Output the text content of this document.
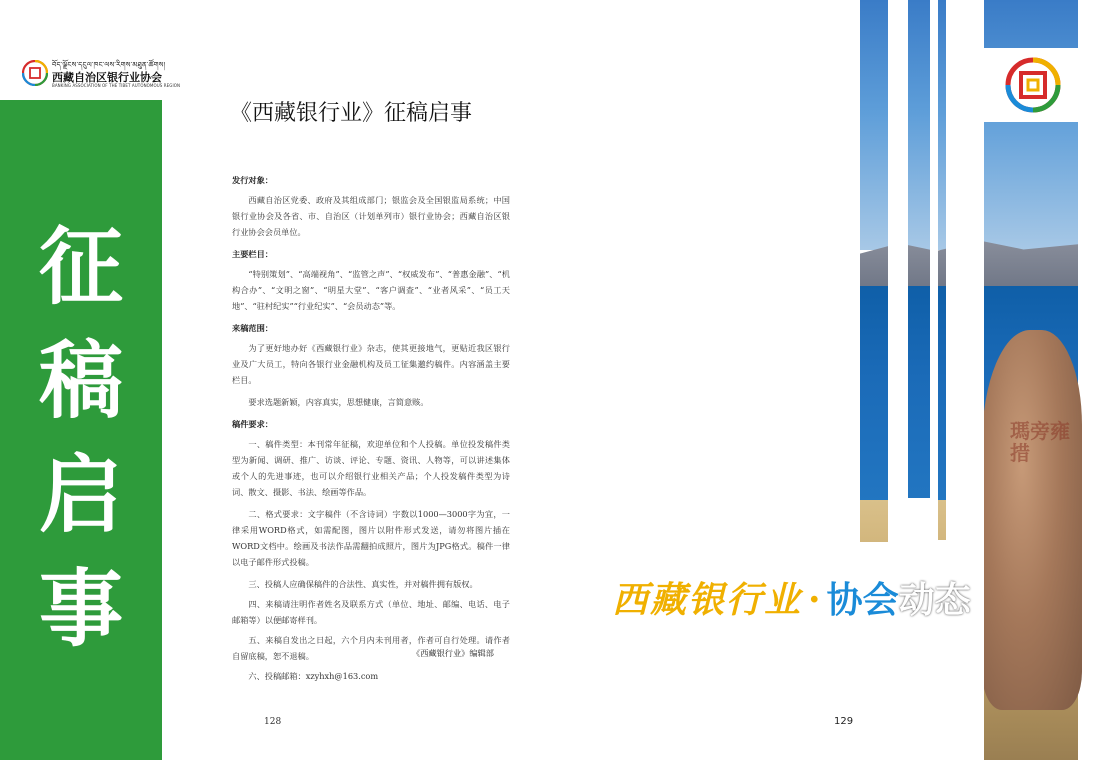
བོད་ལྗོངས་དངུལ་ཁང་ལས་རིགས་མཐུན་ཚོགས།
西藏自治区银行业协会
BANKING ASSOCIATION OF THE TIBET AUTONOMOUS REGION
征
稿
启
事
《西藏银行业》征稿启事
发行对象：

西藏自治区党委、政府及其组成部门；银监会及全国银监局系统；中国银行业协会及各省、市、自治区（计划单列市）银行业协会；西藏自治区银行业协会会员单位。

主要栏目：

“特别策划”、“高端视角”、“监管之声”、“权威发布”、“普惠金融”、“机构合办”、“文明之窗”、“明星大堂”、“客户调查”、“业者风采”、“员工天地”、“驻村纪实”“行业纪实”、“会员动态”等。

来稿范围：

为了更好地办好《西藏银行业》杂志，使其更接地气，更贴近我区银行业及广大员工，特向各银行业金融机构及员工征集邀约稿件。内容涵盖主要栏目。

要求选题新颖，内容真实，思想健康，言简意赅。

稿件要求：

一、稿件类型：本刊常年征稿，欢迎单位和个人投稿。单位投发稿件类型为新闻、调研、推广、访谈、评论、专题、资讯、人物等，可以讲述集体或个人的先进事迹，也可以介绍银行业相关产品；个人投发稿件类型为诗词、散文、摄影、书法、绘画等作品。

二、格式要求：文字稿件（不含诗词）字数以1000—3000字为宜，一律采用WORD格式，如需配图，图片以附件形式发送，请勿将图片插在WORD文档中。绘画及书法作品需翻拍成照片，图片为JPG格式。稿件一律以电子邮件形式投稿。

三、投稿人应确保稿件的合法性、真实性，并对稿件拥有版权。

四、来稿请注明作者姓名及联系方式（单位、地址、邮编、电话、电子邮箱等）以便邮寄样刊。

五、来稿自发出之日起，六个月内未刊用者，作者可自行处理。请作者自留底稿，恕不退稿。

六、投稿邮箱：xzyhxh@163.com

《西藏银行业》编辑部
128
瑪旁雍措
西藏银行业 · 协会动态
129
